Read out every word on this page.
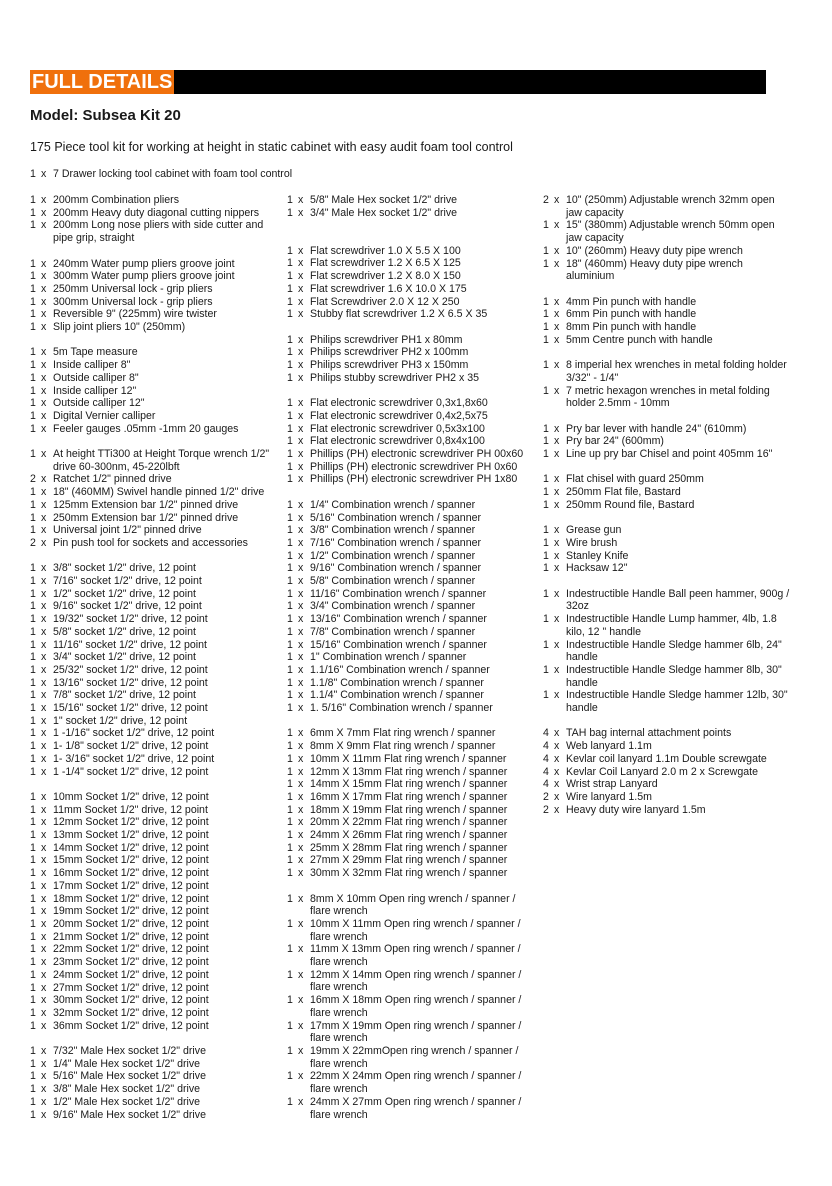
FULL DETAILS
Model: Subsea Kit 20
175 Piece tool kit for working at height in static cabinet with easy audit foam tool control
1 x 7 Drawer locking tool cabinet with foam tool control
1 x 200mm Combination pliers
1 x 200mm Heavy duty diagonal cutting nippers
1 x 200mm Long nose pliers with side cutter and pipe grip, straight
1 x 240mm Water pump pliers groove joint
1 x 300mm Water pump pliers groove joint
1 x 250mm Universal lock - grip pliers
1 x 300mm Universal lock - grip pliers
1 x Reversible 9" (225mm) wire twister
1 x Slip joint pliers 10" (250mm)
1 x 5m Tape measure
1 x Inside calliper 8"
1 x Outside calliper 8"
1 x Inside calliper 12"
1 x Outside calliper 12"
1 x Digital Vernier calliper
1 x Feeler gauges .05mm -1mm 20 gauges
1 x At height TTi300 at Height Torque wrench 1/2" drive 60-300nm, 45-220lbft
2 x Ratchet 1/2" pinned drive
1 x 18" (460MM) Swivel handle pinned 1/2" drive
1 x 125mm Extension bar 1/2" pinned drive
1 x 250mm Extension bar 1/2" pinned drive
1 x Universal joint 1/2" pinned drive
2 x Pin push tool for sockets and accessories
1 x 3/8" socket 1/2" drive, 12 point
1 x 7/16" socket 1/2" drive, 12 point
1 x 1/2" socket 1/2" drive, 12 point
1 x 9/16" socket 1/2" drive, 12 point
1 x 19/32" socket 1/2" drive, 12 point
1 x 5/8" socket 1/2" drive, 12 point
1 x 11/16" socket 1/2" drive, 12 point
1 x 3/4" socket 1/2" drive, 12 point
1 x 25/32" socket 1/2" drive, 12 point
1 x 13/16" socket 1/2" drive, 12 point
1 x 7/8" socket 1/2" drive, 12 point
1 x 15/16" socket 1/2" drive, 12 point
1 x 1" socket 1/2" drive, 12 point
1 x 1 -1/16" socket 1/2" drive, 12 point
1 x 1- 1/8" socket 1/2" drive, 12 point
1 x 1- 3/16" socket 1/2" drive, 12 point
1 x 1 -1/4" socket 1/2" drive, 12 point
1 x 10mm Socket 1/2" drive, 12 point
1 x 11mm Socket 1/2" drive, 12 point
1 x 12mm Socket 1/2" drive, 12 point
1 x 13mm Socket 1/2" drive, 12 point
1 x 14mm Socket 1/2" drive, 12 point
1 x 15mm Socket 1/2" drive, 12 point
1 x 16mm Socket 1/2" drive, 12 point
1 x 17mm Socket 1/2" drive, 12 point
1 x 18mm Socket 1/2" drive, 12 point
1 x 19mm Socket 1/2" drive, 12 point
1 x 20mm Socket 1/2" drive, 12 point
1 x 21mm Socket 1/2" drive, 12 point
1 x 22mm Socket 1/2" drive, 12 point
1 x 23mm Socket 1/2" drive, 12 point
1 x 24mm Socket 1/2" drive, 12 point
1 x 27mm Socket 1/2" drive, 12 point
1 x 30mm Socket 1/2" drive, 12 point
1 x 32mm Socket 1/2" drive, 12 point
1 x 36mm Socket 1/2" drive, 12 point
1 x 7/32" Male Hex socket 1/2" drive
1 x 1/4" Male Hex socket 1/2" drive
1 x 5/16" Male Hex socket 1/2" drive
1 x 3/8" Male Hex socket 1/2" drive
1 x 1/2" Male Hex socket 1/2" drive
1 x 9/16" Male Hex socket 1/2" drive
1 x 5/8" Male Hex socket 1/2" drive
1 x 3/4" Male Hex socket 1/2" drive
1 x Flat screwdriver 1.0 X 5.5 X 100
1 x Flat screwdriver 1.2 X 6.5 X 125
1 x Flat screwdriver 1.2 X 8.0 X 150
1 x Flat screwdriver 1.6 X 10.0 X 175
1 x Flat Screwdriver 2.0 X 12 X 250
1 x Stubby flat screwdriver 1.2 X 6.5 X 35
1 x Philips screwdriver PH1 x 80mm
1 x Philips screwdriver PH2 x 100mm
1 x Philips screwdriver PH3 x 150mm
1 x Philips stubby screwdriver PH2 x 35
1 x Flat electronic screwdriver 0,3x1,8x60
1 x Flat electronic screwdriver 0,4x2,5x75
1 x Flat electronic screwdriver 0,5x3x100
1 x Flat electronic screwdriver 0,8x4x100
1 x Phillips (PH) electronic screwdriver PH 00x60
1 x Phillips (PH) electronic screwdriver PH 0x60
1 x Phillips (PH) electronic screwdriver PH 1x80
1 x 1/4" Combination wrench / spanner
1 x 5/16" Combination wrench / spanner
1 x 3/8" Combination wrench / spanner
1 x 7/16" Combination wrench / spanner
1 x 1/2" Combination wrench / spanner
1 x 9/16" Combination wrench / spanner
1 x 5/8" Combination wrench / spanner
1 x 11/16" Combination wrench / spanner
1 x 3/4" Combination wrench / spanner
1 x 13/16" Combination wrench / spanner
1 x 7/8" Combination wrench / spanner
1 x 15/16" Combination wrench / spanner
1 x 1" Combination wrench / spanner
1 x 1.1/16" Combination wrench / spanner
1 x 1.1/8" Combination wrench / spanner
1 x 1.1/4" Combination wrench / spanner
1 x 1. 5/16" Combination wrench / spanner
1 x 6mm X 7mm Flat ring wrench / spanner
1 x 8mm X 9mm Flat ring wrench / spanner
1 x 10mm X 11mm Flat ring wrench / spanner
1 x 12mm X 13mm Flat ring wrench / spanner
1 x 14mm X 15mm Flat ring wrench / spanner
1 x 16mm X 17mm Flat ring wrench / spanner
1 x 18mm X 19mm Flat ring wrench / spanner
1 x 20mm X 22mm Flat ring wrench / spanner
1 x 24mm X 26mm Flat ring wrench / spanner
1 x 25mm X 28mm Flat ring wrench / spanner
1 x 27mm X 29mm Flat ring wrench / spanner
1 x 30mm X 32mm Flat ring wrench / spanner
1 x 8mm X 10mm Open ring wrench / spanner / flare wrench
1 x 10mm X 11mm Open ring wrench / spanner / flare wrench
1 x 11mm X 13mm Open ring wrench / spanner / flare wrench
1 x 12mm X 14mm Open ring wrench / spanner / flare wrench
1 x 16mm X 18mm Open ring wrench / spanner / flare wrench
1 x 17mm X 19mm Open ring wrench / spanner / flare wrench
1 x 19mm X 22mmOpen ring wrench / spanner / flare wrench
1 x 22mm X 24mm Open ring wrench / spanner / flare wrench
1 x 24mm X 27mm Open ring wrench / spanner / flare wrench
2 x 10" (250mm) Adjustable wrench 32mm open jaw capacity
1 x 15" (380mm) Adjustable wrench 50mm open jaw capacity
1 x 10" (260mm) Heavy duty pipe wrench
1 x 18" (460mm) Heavy duty pipe wrench aluminium
1 x 4mm Pin punch with handle
1 x 6mm Pin punch with handle
1 x 8mm Pin punch with handle
1 x 5mm Centre punch with handle
1 x 8 imperial hex wrenches in metal folding holder 3/32" - 1/4"
1 x 7 metric hexagon wrenches in metal folding holder 2.5mm - 10mm
1 x Pry bar lever with handle 24" (610mm)
1 x Pry bar 24" (600mm)
1 x Line up pry bar Chisel and point 405mm 16"
1 x Flat chisel with guard 250mm
1 x 250mm Flat file, Bastard
1 x 250mm Round file, Bastard
1 x Grease gun
1 x Wire brush
1 x Stanley Knife
1 x Hacksaw 12"
1 x Indestructible Handle Ball peen hammer, 900g / 32oz
1 x Indestructible Handle Lump hammer, 4lb, 1.8 kilo, 12 " handle
1 x Indestructible Handle Sledge hammer 6lb, 24" handle
1 x Indestructible Handle Sledge hammer 8lb, 30" handle
1 x Indestructible Handle Sledge hammer 12lb, 30" handle
4 x TAH bag internal attachment points
4 x Web lanyard 1.1m
4 x Kevlar coil lanyard 1.1m Double screwgate
4 x Kevlar Coil Lanyard 2.0 m 2 x Screwgate
4 x Wrist strap Lanyard
2 x Wire lanyard 1.5m
2 x Heavy duty wire lanyard 1.5m
